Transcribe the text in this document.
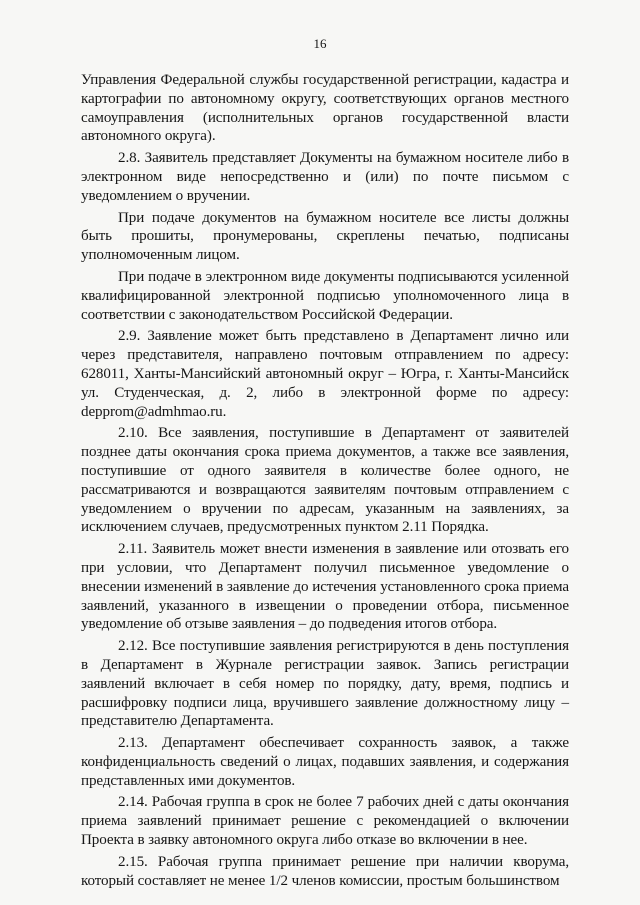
16

Управления Федеральной службы государственной регистрации, кадастра и картографии по автономному округу, соответствующих органов местного самоуправления (исполнительных органов государственной власти автономного округа).

2.8. Заявитель представляет Документы на бумажном носителе либо в электронном виде непосредственно и (или) по почте письмом с уведомлением о вручении.

При подаче документов на бумажном носителе все листы должны быть прошиты, пронумерованы, скреплены печатью, подписаны уполномоченным лицом.

При подаче в электронном виде документы подписываются усиленной квалифицированной электронной подписью уполномоченного лица в соответствии с законодательством Российской Федерации.

2.9. Заявление может быть представлено в Департамент лично или через представителя, направлено почтовым отправлением по адресу: 628011, Ханты-Мансийский автономный округ – Югра, г. Ханты-Мансийск ул. Студенческая, д. 2, либо в электронной форме по адресу: depprom@admhmao.ru.

2.10. Все заявления, поступившие в Департамент от заявителей позднее даты окончания срока приема документов, а также все заявления, поступившие от одного заявителя в количестве более одного, не рассматриваются и возвращаются заявителям почтовым отправлением с уведомлением о вручении по адресам, указанным на заявлениях, за исключением случаев, предусмотренных пунктом 2.11 Порядка.

2.11. Заявитель может внести изменения в заявление или отозвать его при условии, что Департамент получил письменное уведомление о внесении изменений в заявление до истечения установленного срока приема заявлений, указанного в извещении о проведении отбора, письменное уведомление об отзыве заявления – до подведения итогов отбора.

2.12. Все поступившие заявления регистрируются в день поступления в Департамент в Журнале регистрации заявок. Запись регистрации заявлений включает в себя номер по порядку, дату, время, подпись и расшифровку подписи лица, вручившего заявление должностному лицу – представителю Департамента.

2.13. Департамент обеспечивает сохранность заявок, а также конфиденциальность сведений о лицах, подавших заявления, и содержания представленных ими документов.

2.14. Рабочая группа в срок не более 7 рабочих дней с даты окончания приема заявлений принимает решение с рекомендацией о включении Проекта в заявку автономного округа либо отказе во включении в нее.

2.15. Рабочая группа принимает решение при наличии кворума, который составляет не менее 1/2 членов комиссии, простым большинством
